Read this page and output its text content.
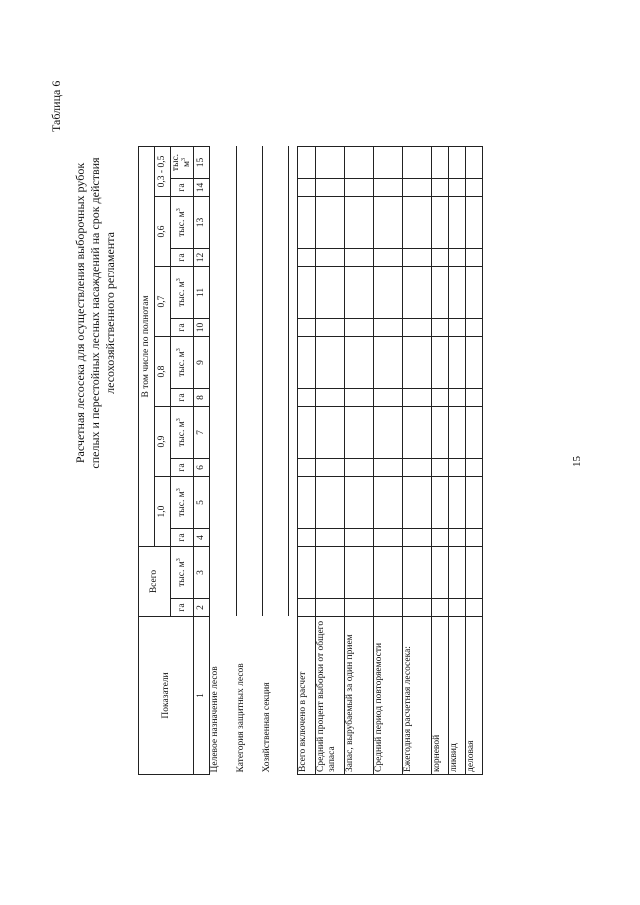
Таблица 6
Расчетная лесосека для осуществления выборочных рубок спелых и перестойных лесных насаждений на срок действия лесохозяйственного регламента
Показатели	Всего		В том числе по полнотам											
			1,0		0,9		0,8		0,7		0,6		0,3 - 0,5	
	га	тыс. $м^3$	га	тыс. $м^3$	га	тыс. $м^3$	га	тыс. $м^3$	га	тыс. $м^3$	га	тыс. $м^3$	га	тыс. $м^3$
1	2	3	4	5	6	7	8	9	10	11	12	13	14	15
Целевое назначение лесов														
Категория защитных лесов														
Хозяйственная секция														

Всего включено в расчет														
Средний процент выборки от общего запаса														
Запас, вырубаемый за один прием														
Средний период повторяемости														
Ежегодная расчетная лесосека:														
корневой														
ликвид														
деловая														
15
